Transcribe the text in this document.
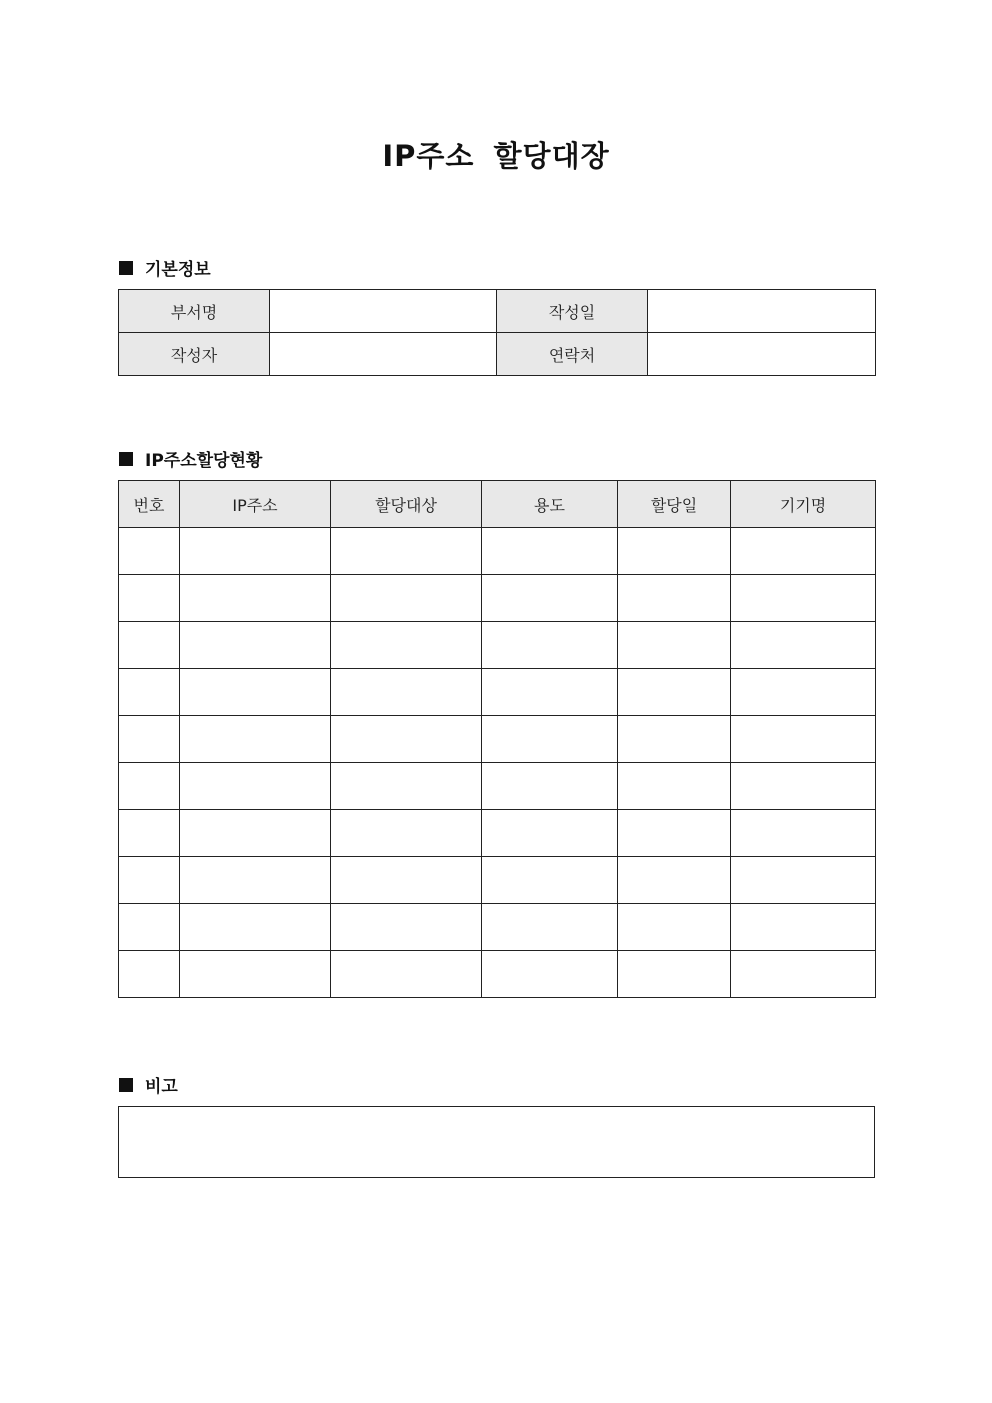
IP주소 할당대장
기본정보
부서명		작성일	
작성자		연락처	
IP주소할당현황
번호	IP주소	할당대상	용도	할당일	기기명

비고
